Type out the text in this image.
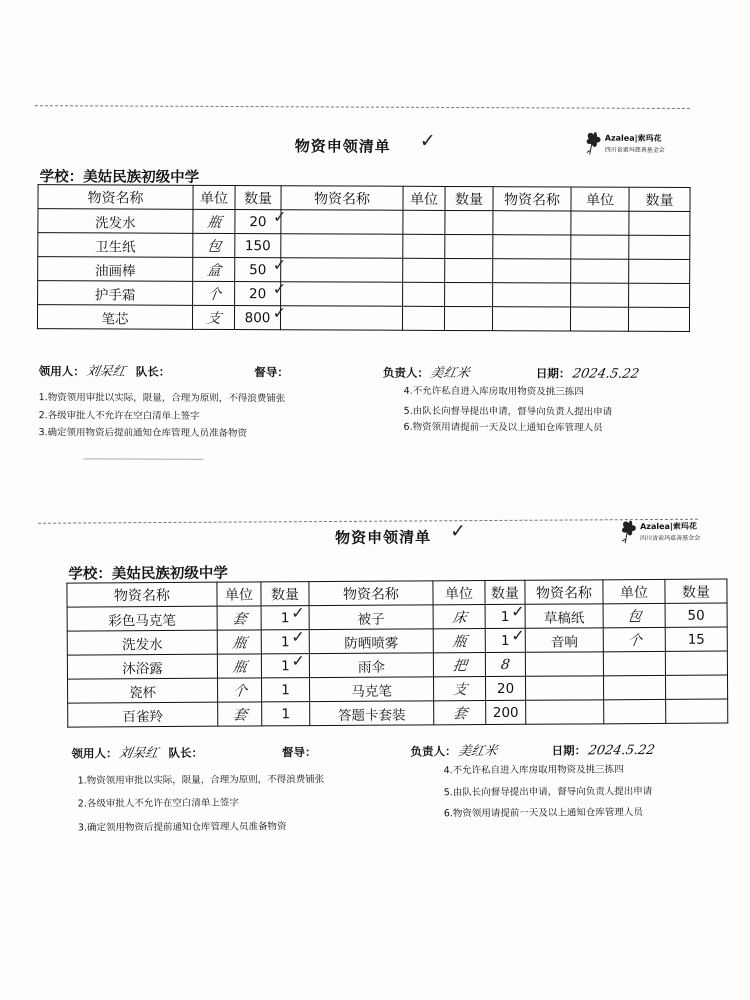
物资申领清单 ✓	Azalea|索玛花
四川省索玛慈善基金会
学校：美姑民族初级中学
物资名称	单位	数量	物资名称	单位	数量	物资名称	单位	数量
洗发水	瓶	20 ✓						

卫生纸	包	150

油画棒	盒	50 ✓						

护手霜	个	20 ✓						

笔芯	支	800 ✓						

领用人：刘呆红 队长：	督导：	负责人：美红米	日期：2024.5.22
1.物资领用审批以实际，限量，合理为原则，不得浪费铺张
2.各级审批人不允许在空白清单上签字
3.确定领用物资后提前通知仓库管理人员准备物资
4.不允许私自进入库房取用物资及挑三拣四
5.由队长向督导提出申请，督导向负责人提出申请
6.物资领用请提前一天及以上通知仓库管理人员
物资申领清单 ✓	Azalea|索玛花
四川省索玛慈善基金会
学校：美姑民族初级中学
物资名称	单位	数量	物资名称	单位	数量	物资名称	单位	数量
彩色马克笔	套	1 ✓	被子	床	1 ✓	草稿纸	包	50
洗发水	瓶	1 ✓	防晒喷雾	瓶	1 ✓	音响	个	15
沐浴露	瓶	1 ✓	雨伞	把	8			
瓷杯	个	1	马克笔	支	20			
百雀羚	套	1	答题卡套装	套	200			
领用人：刘呆红 队长：	督导：	负责人：美红米	日期：2024.5.22
1.物资领用审批以实际，限量，合理为原则，不得浪费铺张
2.各级审批人不允许在空白清单上签字
3.确定领用物资后提前通知仓库管理人员准备物资
4.不允许私自进入库房取用物资及挑三拣四
5.由队长向督导提出申请，督导向负责人提出申请
6.物资领用请提前一天及以上通知仓库管理人员
